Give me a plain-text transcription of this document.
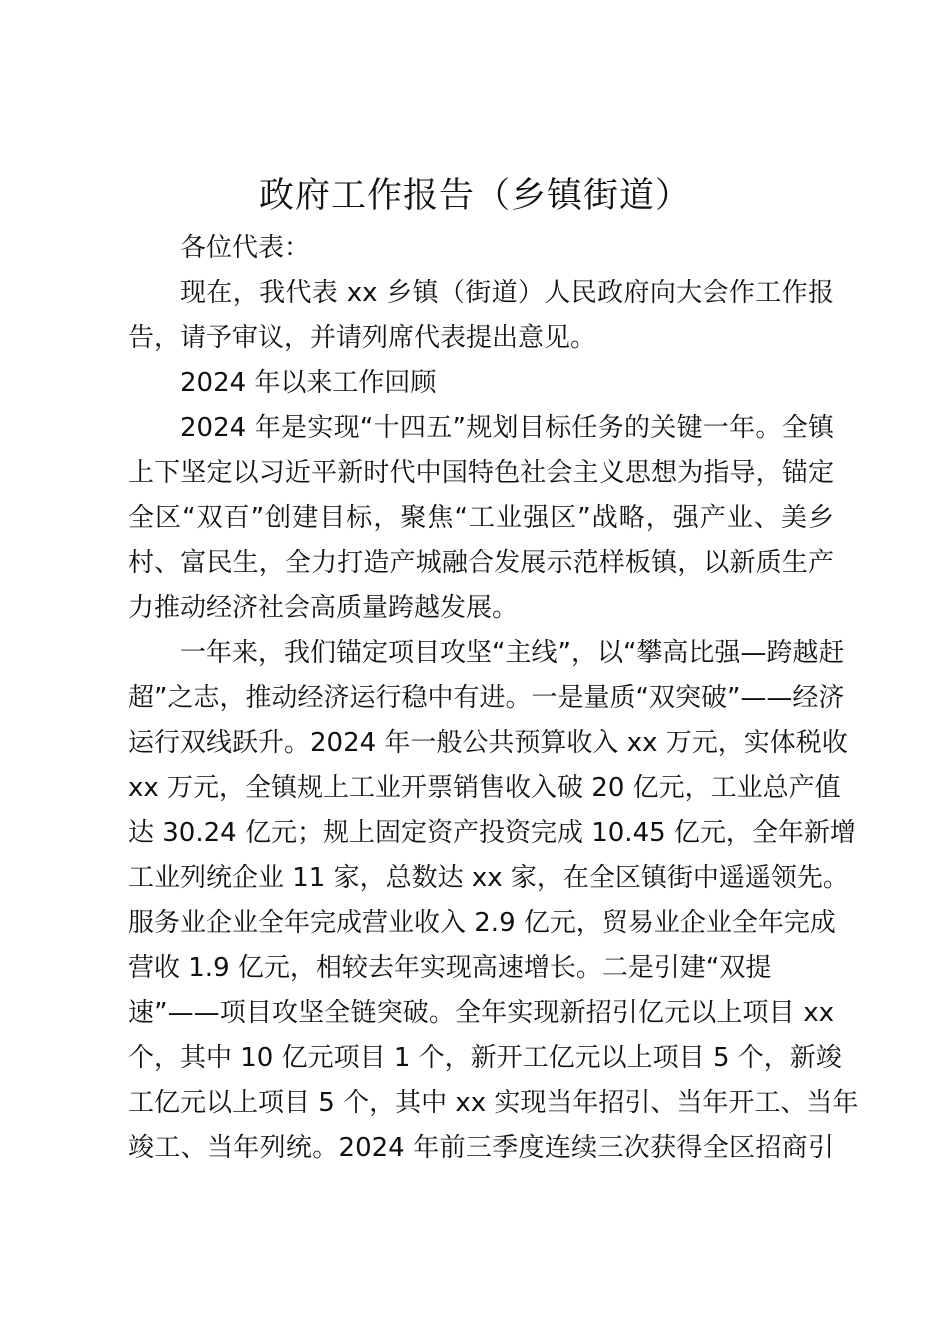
政府工作报告（乡镇街道）
各位代表：
现在，我代表 xx 乡镇（街道）人民政府向大会作工作报
告，请予审议，并请列席代表提出意见。
2024 年以来工作回顾
2024 年是实现“十四五”规划目标任务的关键一年。全镇
上下坚定以习近平新时代中国特色社会主义思想为指导，锚定
全区“双百”创建目标，聚焦“工业强区”战略，强产业、美乡
村、富民生，全力打造产城融合发展示范样板镇，以新质生产
力推动经济社会高质量跨越发展。
一年来，我们锚定项目攻坚“主线”，以“攀高比强—跨越赶
超”之志，推动经济运行稳中有进。一是量质“双突破”——经济
运行双线跃升。2024 年一般公共预算收入 xx 万元，实体税收
xx 万元，全镇规上工业开票销售收入破 20 亿元，工业总产值
达 30.24 亿元；规上固定资产投资完成 10.45 亿元，全年新增
工业列统企业 11 家，总数达 xx 家，在全区镇街中遥遥领先。
服务业企业全年完成营业收入 2.9 亿元，贸易业企业全年完成
营收 1.9 亿元，相较去年实现高速增长。二是引建“双提
速”——项目攻坚全链突破。全年实现新招引亿元以上项目 xx
个，其中 10 亿元项目 1 个，新开工亿元以上项目 5 个，新竣
工亿元以上项目 5 个，其中 xx 实现当年招引、当年开工、当年
竣工、当年列统。2024 年前三季度连续三次获得全区招商引
